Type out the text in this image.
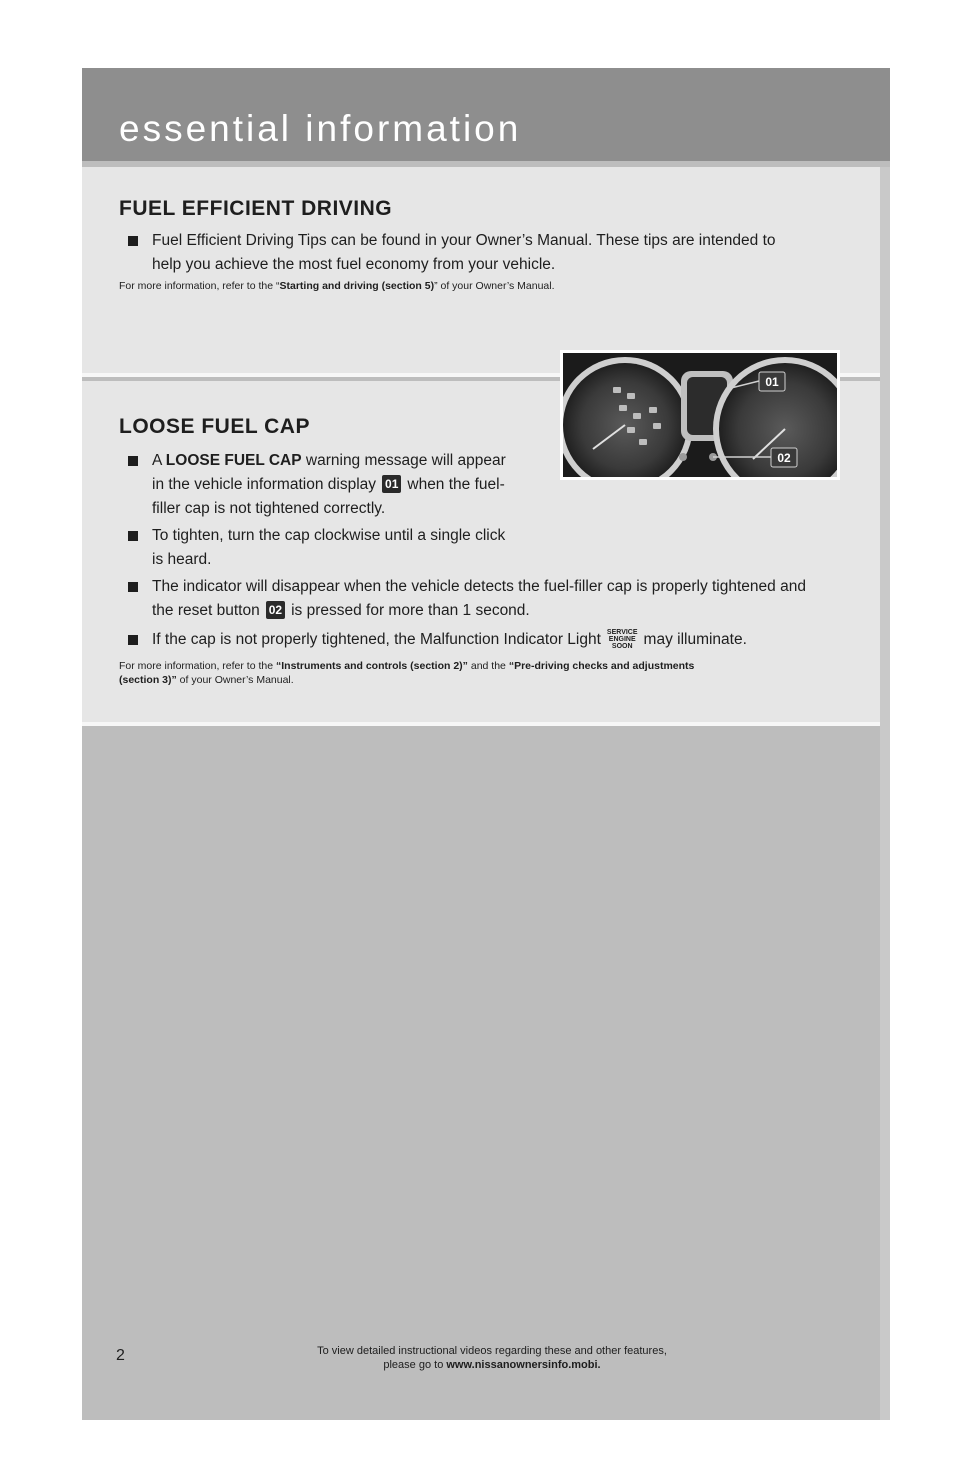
essential information
FUEL EFFICIENT DRIVING
Fuel Efficient Driving Tips can be found in your Owner’s Manual. These tips are intended to
help you achieve the most fuel economy from your vehicle.
For more information, refer to the “Starting and driving (section 5)” of your Owner’s Manual.
LOOSE FUEL CAP
A LOOSE FUEL CAP warning message will appear
in the vehicle information display 01 when the fuel-
filler cap is not tightened correctly.
To tighten, turn the cap clockwise until a single click
is heard.
The indicator will disappear when the vehicle detects the fuel-filler cap is properly tightened and
the reset button 02 is pressed for more than 1 second.
If the cap is not properly tightened, the Malfunction Indicator Light SERVICE
ENGINE
SOON may illuminate.
For more information, refer to the “Instruments and controls (section 2)” and the “Pre-driving checks and adjustments
(section 3)” of your Owner’s Manual.
01
02
2	To view detailed instructional videos regarding these and other features,
please go to www.nissanownersinfo.mobi.
